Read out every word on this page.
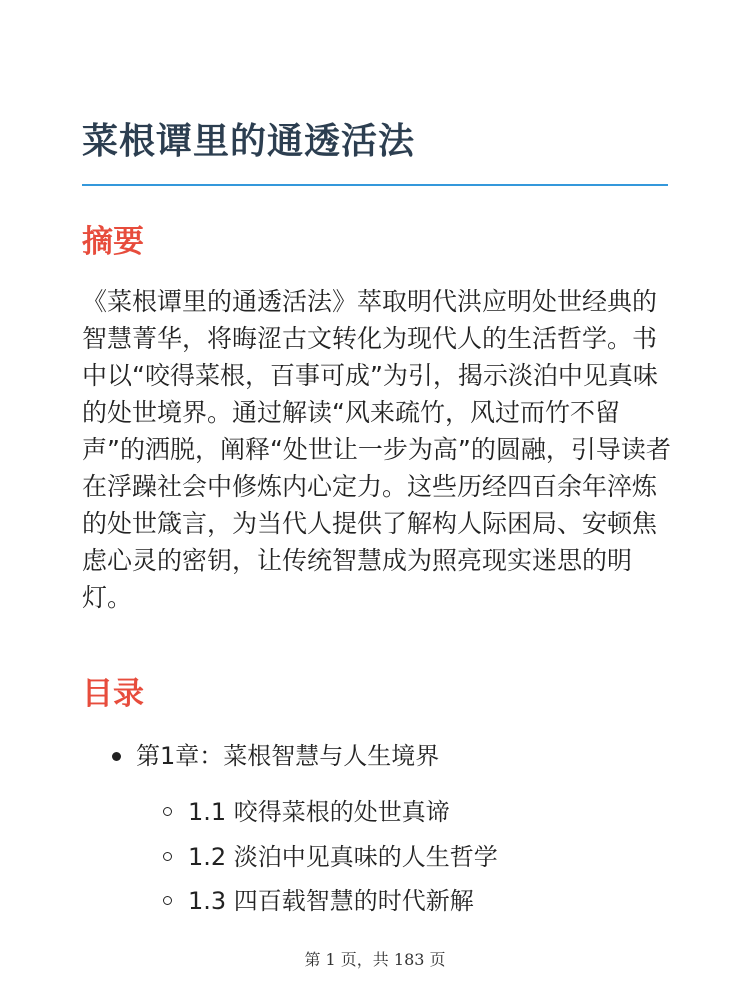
菜根谭里的通透活法
摘要

《菜根谭里的通透活法》萃取明代洪应明处世经典的智慧菁华，将晦涩古文转化为现代人的生活哲学。书中以“咬得菜根，百事可成”为引，揭示淡泊中见真味的处世境界。通过解读“风来疏竹，风过而竹不留声”的洒脱，阐释“处世让一步为高”的圆融，引导读者在浮躁社会中修炼内心定力。这些历经四百余年淬炼的处世箴言，为当代人提供了解构人际困局、安顿焦虑心灵的密钥，让传统智慧成为照亮现实迷思的明灯。

目录
第1章：菜根智慧与人生境界
1.1 咬得菜根的处世真谛
1.2 淡泊中见真味的人生哲学
1.3 四百载智慧的时代新解
第 1 页，共 183 页
